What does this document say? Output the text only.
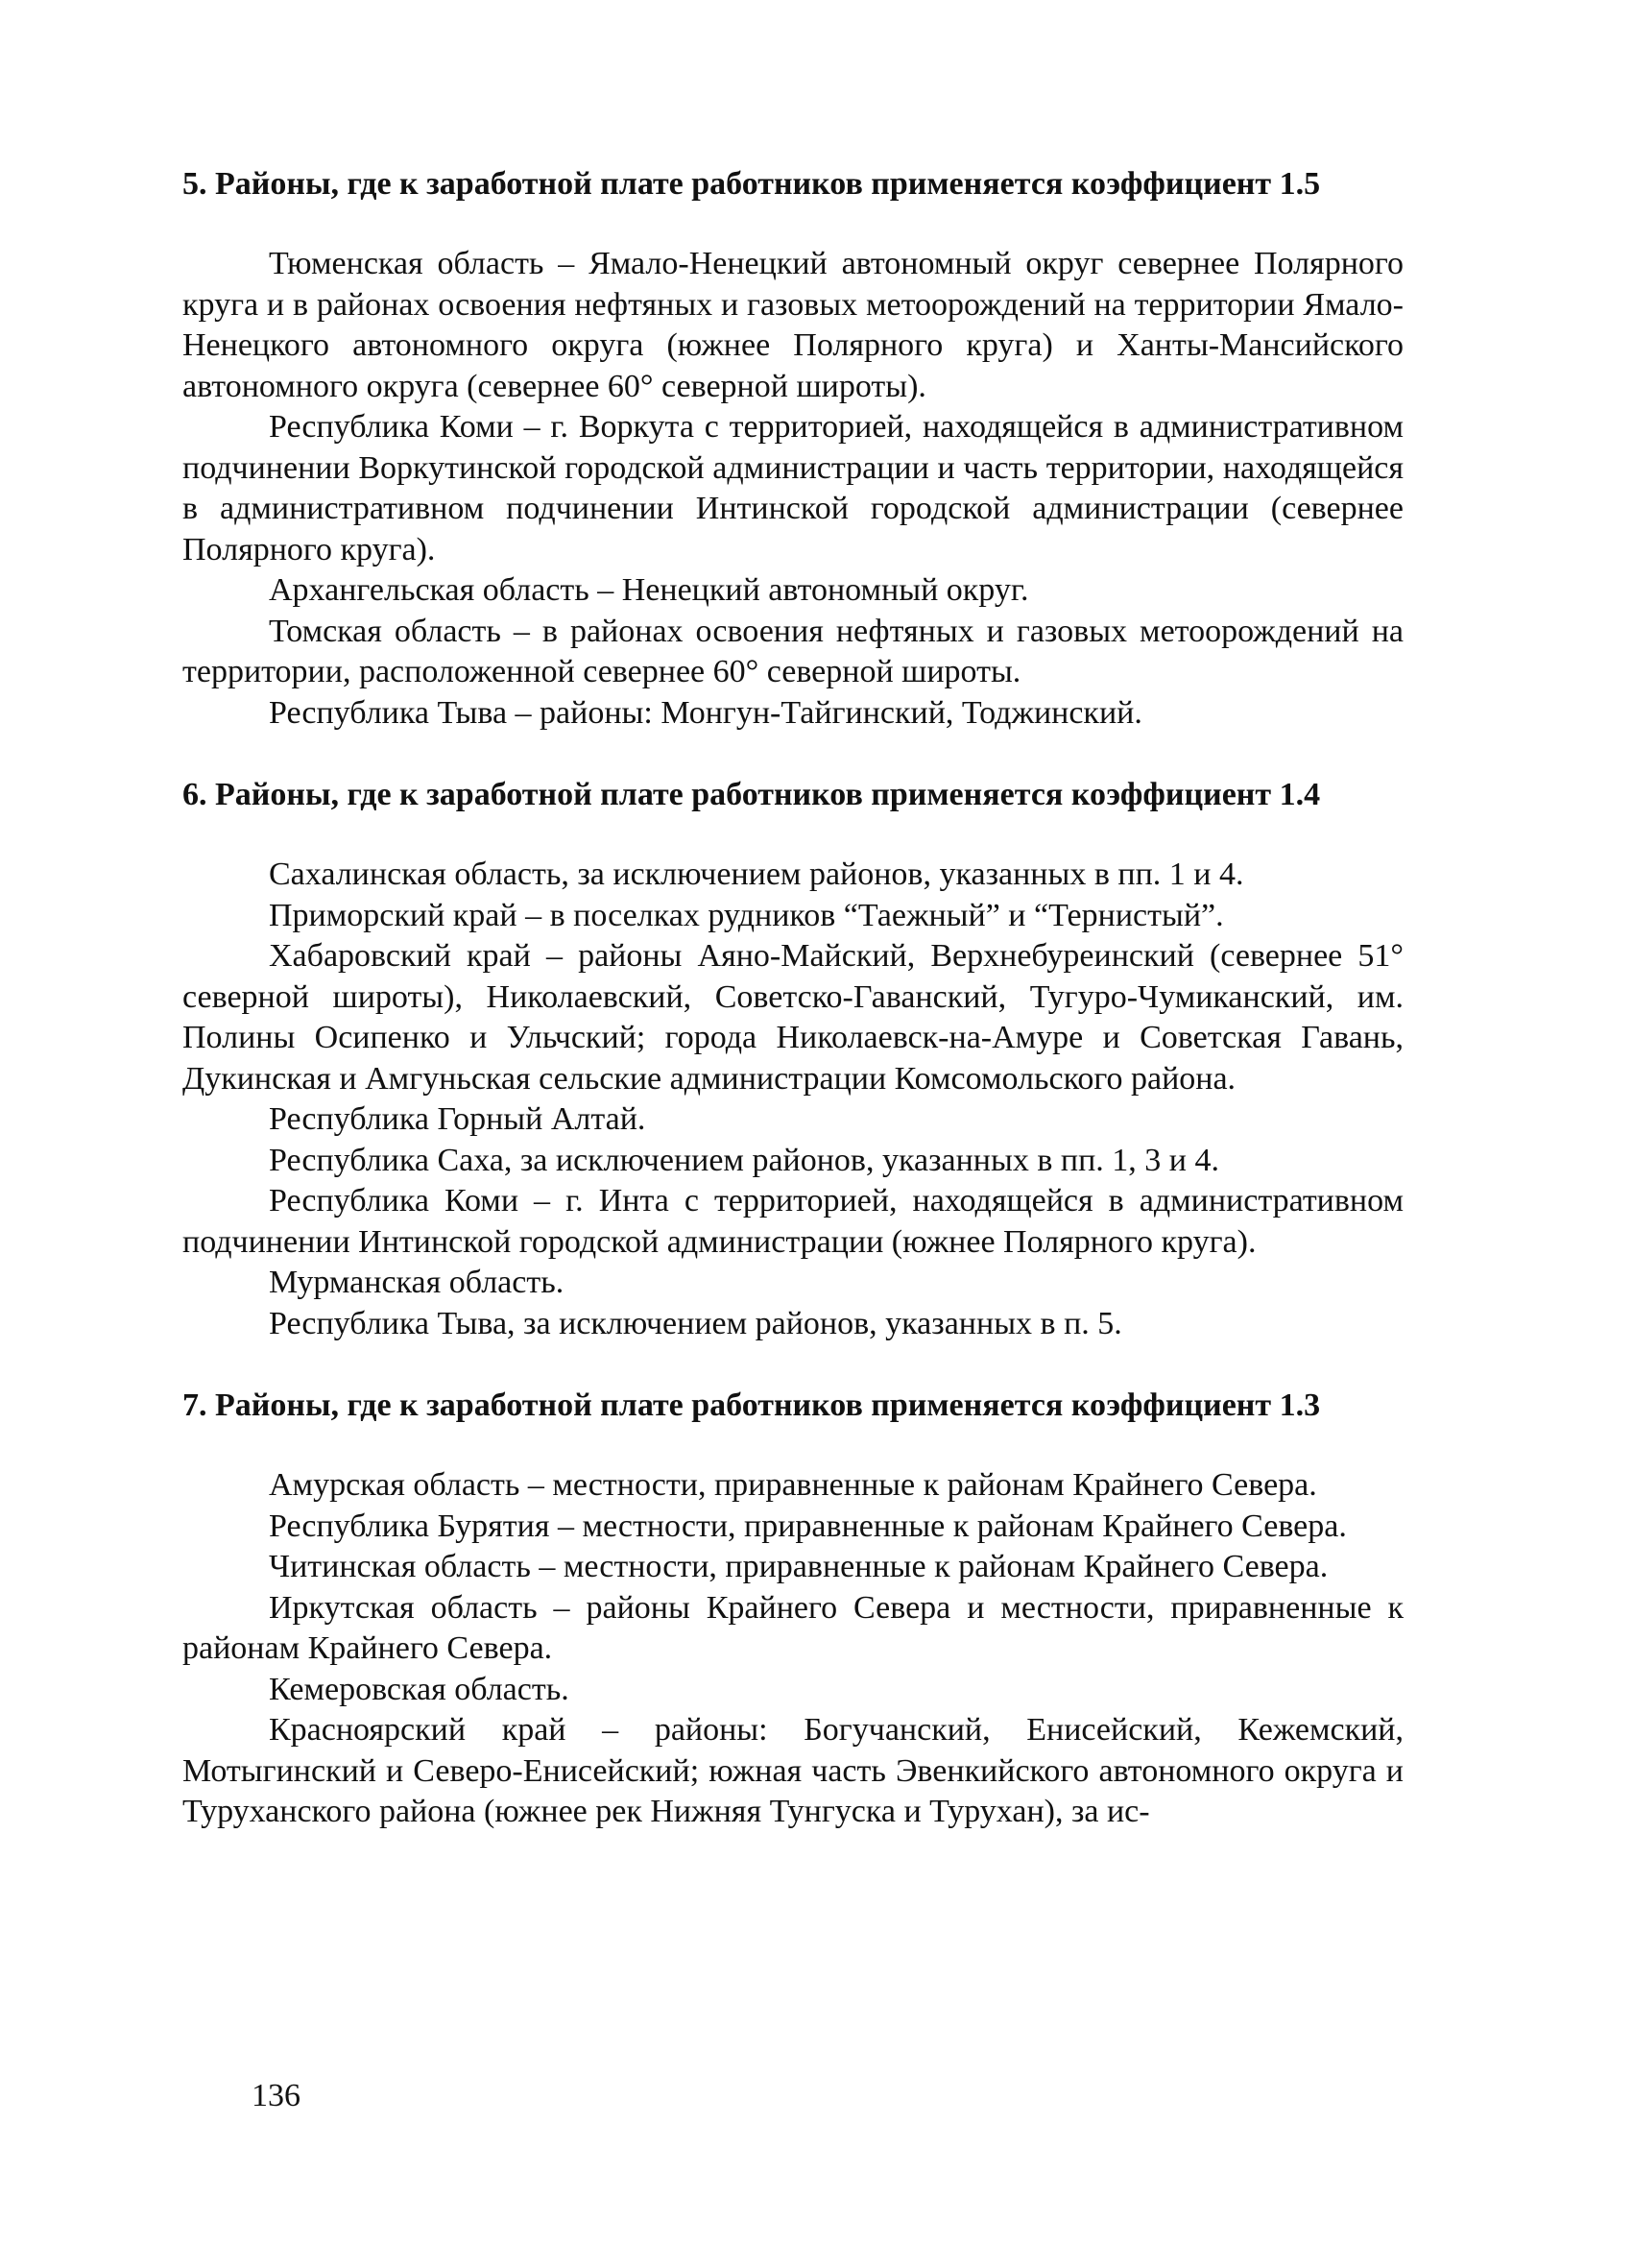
5. Районы, где к заработной плате работников применяется коэффициент 1.5

Тюменская область – Ямало-Ненецкий автономный округ севернее Полярного круга и в районах освоения нефтяных и газовых метоорождений на территории Ямало-Ненецкого автономного округа (южнее Полярного круга) и Ханты-Мансийского автономного округа (севернее 60° северной широты).

Республика Коми – г. Воркута с территорией, находящейся в административном подчинении Воркутинской городской администрации и часть территории, находящейся в административном подчинении Интинской городской администрации (севернее Полярного круга).

Архангельская область – Ненецкий автономный округ.

Томская область – в районах освоения нефтяных и газовых метоорождений на территории, расположенной севернее 60° северной широты.

Республика Тыва – районы: Монгун-Тайгинский, Тоджинский.

6. Районы, где к заработной плате работников применяется коэффициент 1.4

Сахалинская область, за исключением районов, указанных в пп. 1 и 4.

Приморский край – в поселках рудников “Таежный” и “Тернистый”.

Хабаровский край – районы Аяно-Майский, Верхнебуреинский (севернее 51° северной широты), Николаевский, Советско-Гаванский, Тугуро-Чумиканский, им. Полины Осипенко и Ульчский; города Николаевск-на-Амуре и Советская Гавань, Дукинская и Амгуньская сельские администрации Комсомольского района.

Республика Горный Алтай.

Республика Саха, за исключением районов, указанных в пп. 1, 3 и 4.

Республика Коми – г. Инта с территорией, находящейся в административном подчинении Интинской городской администрации (южнее Полярного круга).

Мурманская область.

Республика Тыва, за исключением районов, указанных в п. 5.

7. Районы, где к заработной плате работников применяется коэффициент 1.3

Амурская область – местности, приравненные к районам Крайнего Севера.

Республика Бурятия – местности, приравненные к районам Крайнего Севера.

Читинская область – местности, приравненные к районам Крайнего Севера.

Иркутская область – районы Крайнего Севера и местности, приравненные к районам Крайнего Севера.

Кемеровская область.

Красноярский край – районы: Богучанский, Енисейский, Кежемский, Мотыгинский и Северо-Енисейский; южная часть Эвенкийского автономного округа и Туруханского района (южнее рек Нижняя Тунгуска и Турухан), за ис-

136
